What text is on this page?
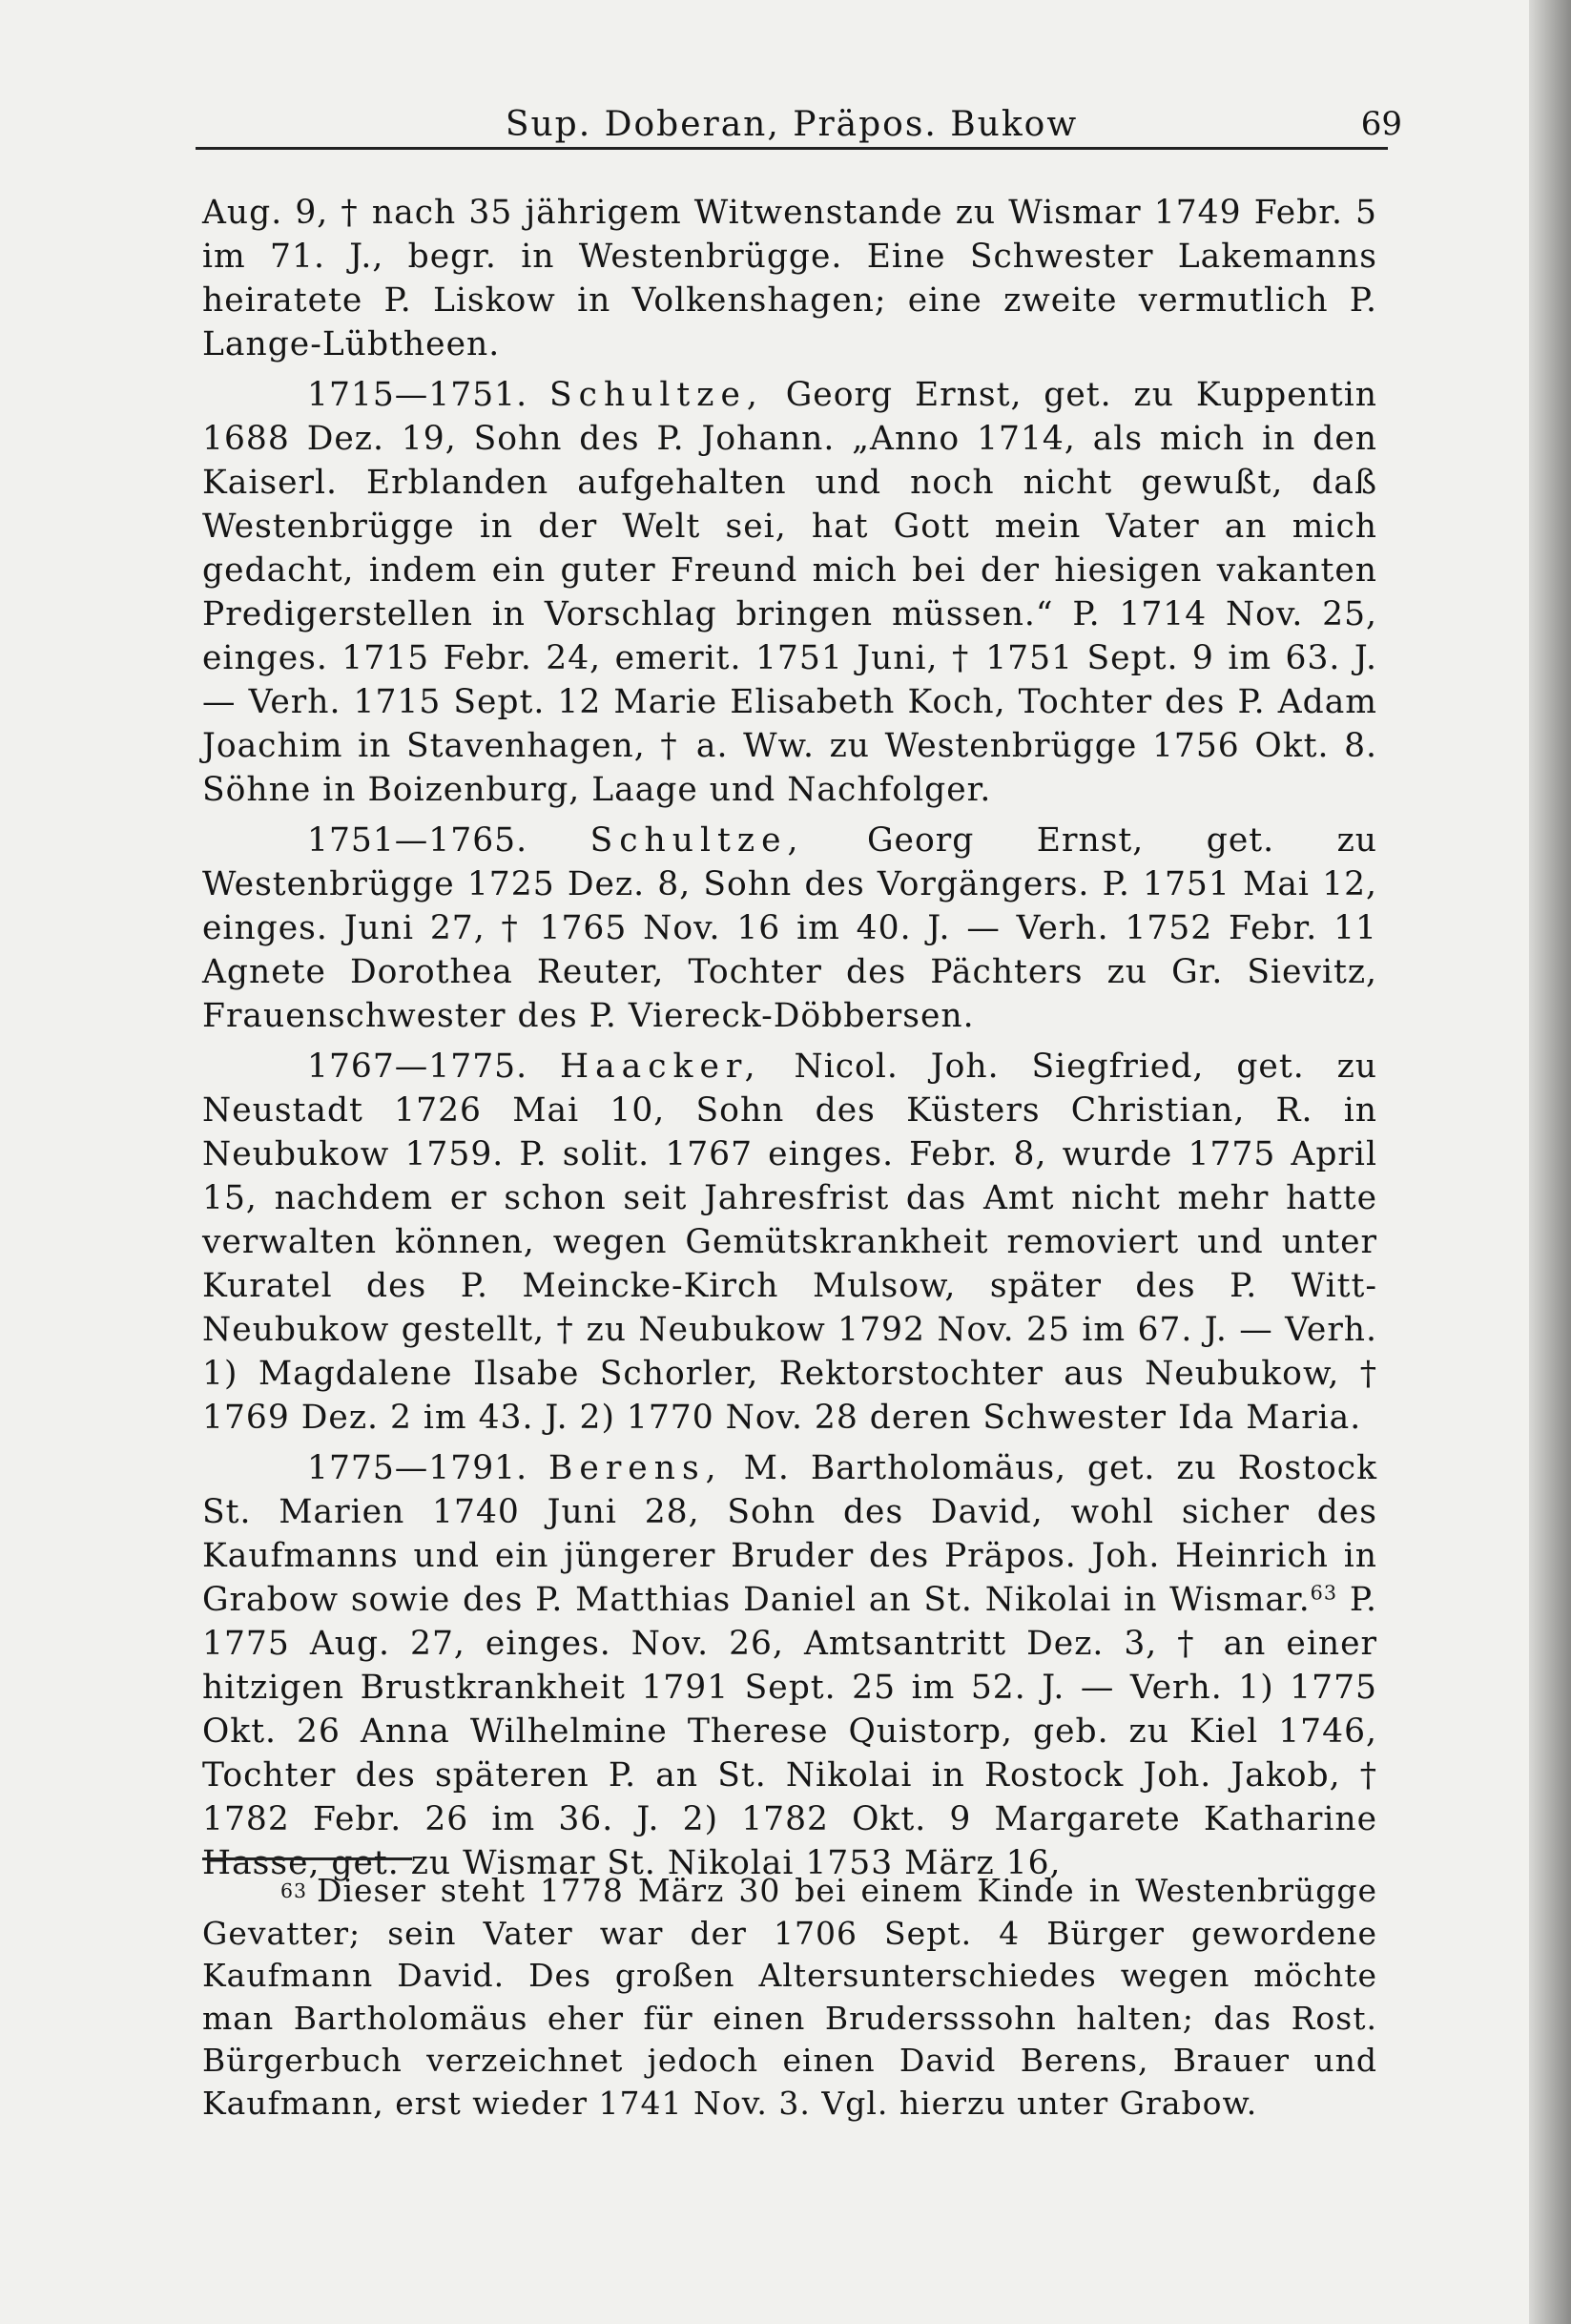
Sup. Doberan, Präpos. Bukow	69

Aug. 9, † nach 35 jährigem Witwenstande zu Wismar 1749 Febr. 5 im 71. J., begr. in Westenbrügge. Eine Schwester Lakemanns heiratete P. Liskow in Volkenshagen; eine zweite vermutlich P. Lange-Lübtheen.

1715—1751. Schultze, Georg Ernst, get. zu Kuppentin 1688 Dez. 19, Sohn des P. Johann. „Anno 1714, als mich in den Kaiserl. Erblanden aufgehalten und noch nicht gewußt, daß Westenbrügge in der Welt sei, hat Gott mein Vater an mich gedacht, indem ein guter Freund mich bei der hiesigen vakanten Predigerstellen in Vorschlag bringen müssen.“ P. 1714 Nov. 25, einges. 1715 Febr. 24, emerit. 1751 Juni, † 1751 Sept. 9 im 63. J. — Verh. 1715 Sept. 12 Marie Elisabeth Koch, Tochter des P. Adam Joachim in Stavenhagen, † a. Ww. zu Westenbrügge 1756 Okt. 8. Söhne in Boizenburg, Laage und Nachfolger.

1751—1765. Schultze, Georg Ernst, get. zu Westenbrügge 1725 Dez. 8, Sohn des Vorgängers. P. 1751 Mai 12, einges. Juni 27, † 1765 Nov. 16 im 40. J. — Verh. 1752 Febr. 11 Agnete Dorothea Reuter, Tochter des Pächters zu Gr. Sievitz, Frauenschwester des P. Viereck-Döbbersen.

1767—1775. Haacker, Nicol. Joh. Siegfried, get. zu Neustadt 1726 Mai 10, Sohn des Küsters Christian, R. in Neubukow 1759. P. solit. 1767 einges. Febr. 8, wurde 1775 April 15, nachdem er schon seit Jahresfrist das Amt nicht mehr hatte verwalten können, wegen Gemütskrankheit removiert und unter Kuratel des P. Meincke-Kirch Mulsow, später des P. Witt-Neubukow gestellt, † zu Neubukow 1792 Nov. 25 im 67. J. — Verh. 1) Magdalene Ilsabe Schorler, Rektorstochter aus Neubukow, † 1769 Dez. 2 im 43. J. 2) 1770 Nov. 28 deren Schwester Ida Maria.

1775—1791. Berens, M. Bartholomäus, get. zu Rostock St. Marien 1740 Juni 28, Sohn des David, wohl sicher des Kaufmanns und ein jüngerer Bruder des Präpos. Joh. Heinrich in Grabow sowie des P. Matthias Daniel an St. Nikolai in Wismar.$^{63}$ P. 1775 Aug. 27, einges. Nov. 26, Amtsantritt Dez. 3, † an einer hitzigen Brustkrankheit 1791 Sept. 25 im 52. J. — Verh. 1) 1775 Okt. 26 Anna Wilhelmine Therese Quistorp, geb. zu Kiel 1746, Tochter des späteren P. an St. Nikolai in Rostock Joh. Jakob, † 1782 Febr. 26 im 36. J. 2) 1782 Okt. 9 Margarete Katharine Hasse, get. zu Wismar St. Nikolai 1753 März 16,

63 Dieser steht 1778 März 30 bei einem Kinde in Westenbrügge Gevatter; sein Vater war der 1706 Sept. 4 Bürger gewordene Kaufmann David. Des großen Altersunterschiedes wegen möchte man Bartholomäus eher für einen Brudersssohn halten; das Rost. Bürgerbuch verzeichnet jedoch einen David Berens, Brauer und Kaufmann, erst wieder 1741 Nov. 3. Vgl. hierzu unter Grabow.
